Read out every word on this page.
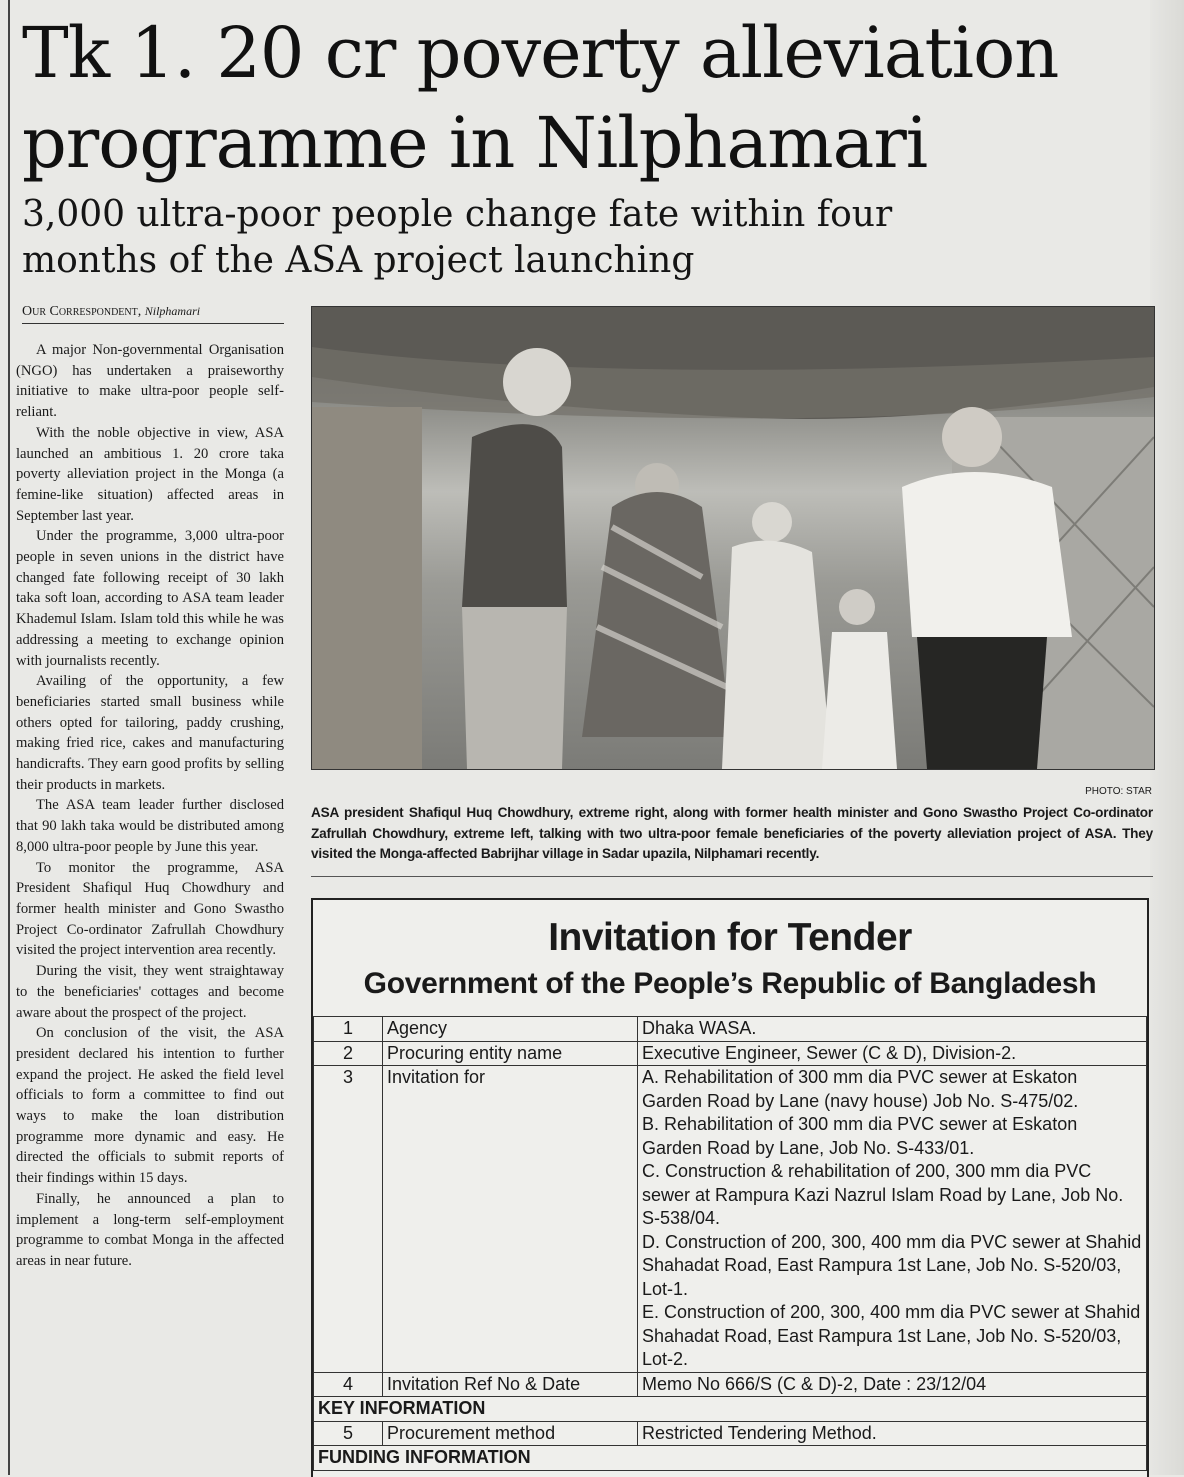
Tk 1. 20 cr poverty alleviation
programme in Nilphamari
3,000 ultra-poor people change fate within four
months of the ASA project launching
Our Correspondent, Nilphamari

A major Non-governmental Organisation (NGO) has undertaken a praiseworthy initiative to make ultra-poor people self-reliant.

With the noble objective in view, ASA launched an ambitious 1. 20 crore taka poverty alleviation project in the Monga (a femine-like situation) affected areas in September last year.

Under the programme, 3,000 ultra-poor people in seven unions in the district have changed fate following receipt of 30 lakh taka soft loan, according to ASA team leader Khademul Islam. Islam told this while he was addressing a meeting to exchange opinion with journalists recently.

Availing of the opportunity, a few beneficiaries started small business while others opted for tailoring, paddy crushing, making fried rice, cakes and manufacturing handicrafts. They earn good profits by selling their products in markets.

The ASA team leader further disclosed that 90 lakh taka would be distributed among 8,000 ultra-poor people by June this year.

To monitor the programme, ASA President Shafiqul Huq Chowdhury and former health minister and Gono Swastho Project Co-ordinator Zafrullah Chowdhury visited the project intervention area recently.

During the visit, they went straightaway to the beneficiaries' cottages and become aware about the prospect of the project.

On conclusion of the visit, the ASA president declared his intention to further expand the project. He asked the field level officials to form a committee to find out ways to make the loan distribution programme more dynamic and easy. He directed the officials to submit reports of their findings within 15 days.

Finally, he announced a plan to implement a long-term self-employment programme to combat Monga in the affected areas in near future.

PHOTO: STAR

ASA president Shafiqul Huq Chowdhury, extreme right, along with former health minister and Gono Swastho Project Co-ordinator Zafrullah Chowdhury, extreme left, talking with two ultra-poor female beneficiaries of the poverty alleviation project of ASA. They visited the Monga-affected Babrijhar village in Sadar upazila, Nilphamari recently.

Invitation for Tender
Government of the People’s Republic of Bangladesh
1	Agency	Dhaka WASA.
2	Procuring entity name	Executive Engineer, Sewer (C & D), Division-2.
3	Invitation for	A. Rehabilitation of 300 mm dia PVC sewer at Eskaton Garden Road by Lane (navy house) Job No. S-475/02.
B. Rehabilitation of 300 mm dia PVC sewer at Eskaton Garden Road by Lane, Job No. S-433/01.
C. Construction & rehabilitation of 200, 300 mm dia PVC sewer at Rampura Kazi Nazrul Islam Road by Lane, Job No. S-538/04.
D. Construction of 200, 300, 400 mm dia PVC sewer at Shahid Shahadat Road, East Rampura 1st Lane, Job No. S-520/03, Lot-1.
E. Construction of 200, 300, 400 mm dia PVC sewer at Shahid Shahadat Road, East Rampura 1st Lane, Job No. S-520/03, Lot-2.

4	Invitation Ref No & Date	Memo No 666/S (C & D)-2, Date : 23/12/04
KEY INFORMATION		
5	Procurement method	Restricted Tendering Method.
FUNDING INFORMATION		
